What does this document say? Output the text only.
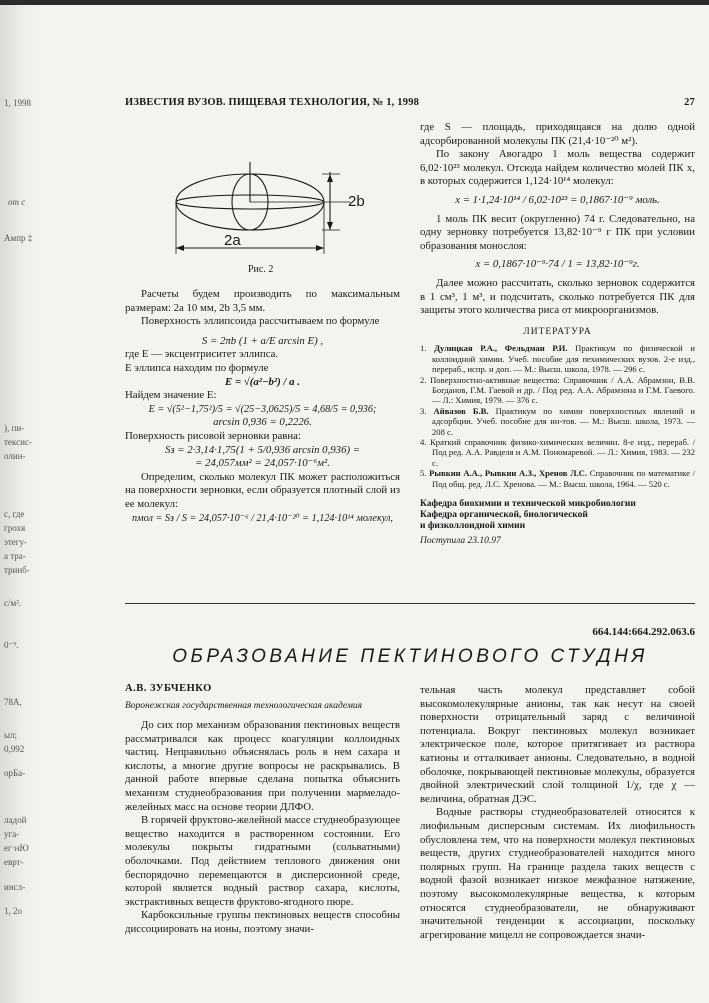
1, 1998
от с
Ампр ‡
), пи-
тексис-
олин-
с, где
грохя
этегу-
а тра-
тринб-
с/м².
0⁻⁹.
78А,
ыл;
0,992
орБа-
ладой
уга-
ег·нЮ
еврт-
инсл-
1, 2о
ИЗВЕСТИЯ ВУЗОВ. ПИЩЕВАЯ ТЕХНОЛОГИЯ, № 1, 1998	27
2b
2a
Рис. 2

Расчеты будем производить по максимальным размерам: 2a 10 мм, 2b 3,5 мм.

Поверхность эллипсоида рассчитываем по формуле

S = 2πb (1 + a/E arcsin E) ,

где E — эксцентриситет эллипса.

E эллипса находим по формуле

E = √(a²−b²) / a .

Найдем значение E:

E = √(5²−1,75²)/5 = √(25−3,0625)/5 = 4,68/5 = 0,936;

arcsin 0,936 = 0,2226.

Поверхность рисовой зерновки равна:

Sз = 2·3,14·1,75(1 + 5/0,936 arcsin 0,936) =

= 24,057мм² = 24,057·10⁻⁶м².

Определим, сколько молекул ПК может расположиться на поверхности зерновки, если образуется плотный слой из ее молекул:

nмол = Sз / S = 24,057·10⁻⁶ / 21,4·10⁻²⁰ = 1,124·10¹⁴ молекул,

где S — площадь, приходящаяся на долю одной адсорбированной молекулы ПК (21,4·10⁻²⁰ м²).

По закону Авогадро 1 моль вещества содержит 6,02·10²³ молекул. Отсюда найдем количество молей ПК x, в которых содержится 1,124·10¹⁴ молекул:

x = 1·1,24·10¹⁴ / 6,02·10²³ = 0,1867·10⁻⁹ моль.

1 моль ПК весит (округленно) 74 г. Следовательно, на одну зерновку потребуется 13,82·10⁻⁹ г ПК при условии образования монослоя:

x = 0,1867·10⁻⁹·74 / 1 = 13,82·10⁻⁹г.

Далее можно рассчитать, сколько зерновок содержится в 1 см³, 1 м³, и подсчитать, сколько потребуется ПК для защиты этого количества риса от микроорганизмов.

ЛИТЕРАТУРА

1. Дулицкая Р.А., Фельдман Р.И. Практикум по физической и коллоидной химии. Учеб. пособие для пехимических вузов. 2-е изд., перераб., испр. и доп. — М.: Высш. школа, 1978. — 296 с.

2. Поверхностно-активные вещества: Справочник / А.А. Абрамзон, В.В. Богданов, Г.М. Гаевой и др. / Под ред. А.А. Абрамзона и Г.М. Гаевого. — Л.: Химия, 1979. — 376 с.

3. Айвазов Б.В. Практикум по химии поверхностных явлений и адсорбции. Учеб. пособие для ин-тов. — М.: Высш. школа, 1973. — 208 с.

4. Краткий справочник физико-химических величин. 8-е изд., перераб. / Под ред. А.А. Равделя и А.М. Пономаревой. — Л.: Химия, 1983. — 232 с.

5. Рывкин А.А., Рывкин А.З., Хренов Л.С. Справочник по математике / Под общ. ред. Л.С. Хренова. — М.: Высш. школа, 1964. — 520 с.

Кафедра биохимии и технической микробиологии
Кафедра органической, биологической
и физколлоидной химии
Поступила 23.10.97
664.144:664.292.063.6
ОБРАЗОВАНИЕ ПЕКТИНОВОГО СТУДНЯ
А.В. ЗУБЧЕНКО
Воронежская государственная технологическая академия

До сих пор механизм образования пектиновых веществ рассматривался как процесс коагуляции коллоидных частиц. Неправильно объяснялась роль в нем сахара и кислоты, а многие другие вопросы не раскрывались. В данной работе впервые сделана попытка объяснить механизм студнеобразования при получении мармеладо-желейных масс на основе теории ДЛФО.

В горячей фруктово-желейной массе студнеобразующее вещество находится в растворенном состоянии. Его молекулы покрыты гидратными (сольватными) оболочками. Под действием теплового движения они беспорядочно перемещаются в дисперсионной среде, которой является водный раствор сахара, кислоты, экстрактивных веществ фруктово-ягодного пюре.

Карбоксильные группы пектиновых веществ способны диссоциировать на ионы, поэтому значи-

тельная часть молекул представляет собой высокомолекулярные анионы, так как несут на своей поверхности отрицательный заряд с величиной потенциала. Вокруг пектиновых молекул возникает электрическое поле, которое притягивает из раствора катионы и отталкивает анионы. Следовательно, в водной оболочке, покрывающей пектиновые молекулы, образуется двойной электрический слой толщиной 1/χ, где χ — величина, обратная ДЭС.

Водные растворы студнеобразователей относятся к лиофильным дисперсным системам. Их лиофильность обусловлена тем, что на поверхности молекул пектиновых веществ, других студнеобразователей находится много полярных групп. На границе раздела таких веществ с водной фазой возникает низкое межфазное натяжение, поэтому высокомолекулярные вещества, к которым относятся студнеобразователи, не обнаруживают значительной тенденции к ассоциации, поскольку агрегирование мицелл не сопровождается значи-
